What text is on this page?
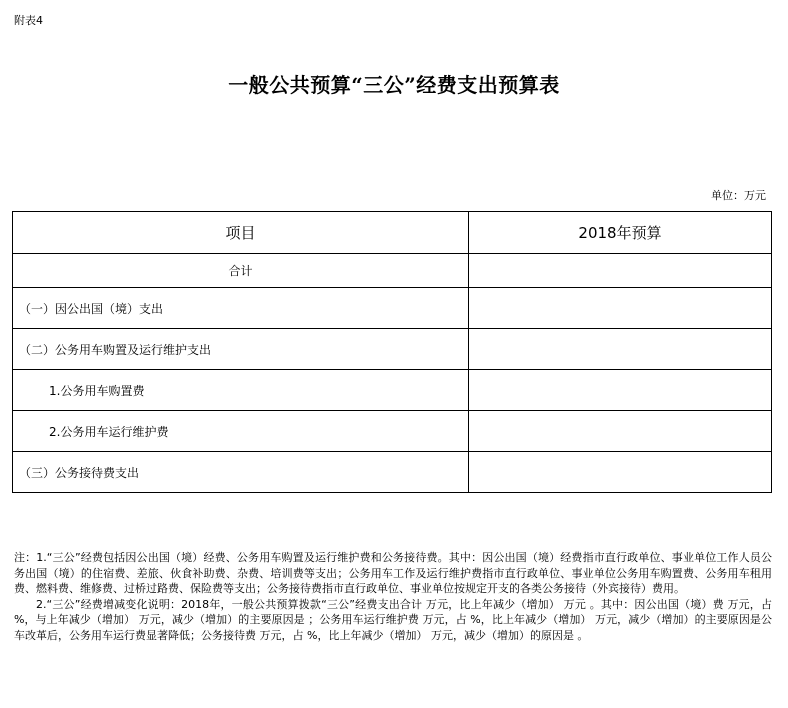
附表4
一般公共预算“三公”经费支出预算表
单位：万元
项目	2018年预算
合计	
（一）因公出国（境）支出	
（二）公务用车购置及运行维护支出	
1.公务用车购置费	
2.公务用车运行维护费	
（三）公务接待费支出	

注：1.“三公”经费包括因公出国（境）经费、公务用车购置及运行维护费和公务接待费。其中：因公出国（境）经费指市直行政单位、事业单位工作人员公务出国（境）的住宿费、差旅、伙食补助费、杂费、培训费等支出；公务用车工作及运行维护费指市直行政单位、事业单位公务用车购置费、公务用车租用费、燃料费、维修费、过桥过路费、保险费等支出；公务接待费指市直行政单位、事业单位按规定开支的各类公务接待（外宾接待）费用。

2.“三公”经费增减变化说明：2018年，一般公共预算拨款“三公”经费支出合计 万元，比上年减少（增加） 万元 。其中：因公出国（境）费 万元，占 %，与上年减少（增加） 万元，减少（增加）的主要原因是 ；公务用车运行维护费 万元，占 %，比上年减少（增加） 万元，减少（增加）的主要原因是公车改革后，公务用车运行费显著降低；公务接待费 万元，占 %，比上年减少（增加） 万元，减少（增加）的原因是 。
